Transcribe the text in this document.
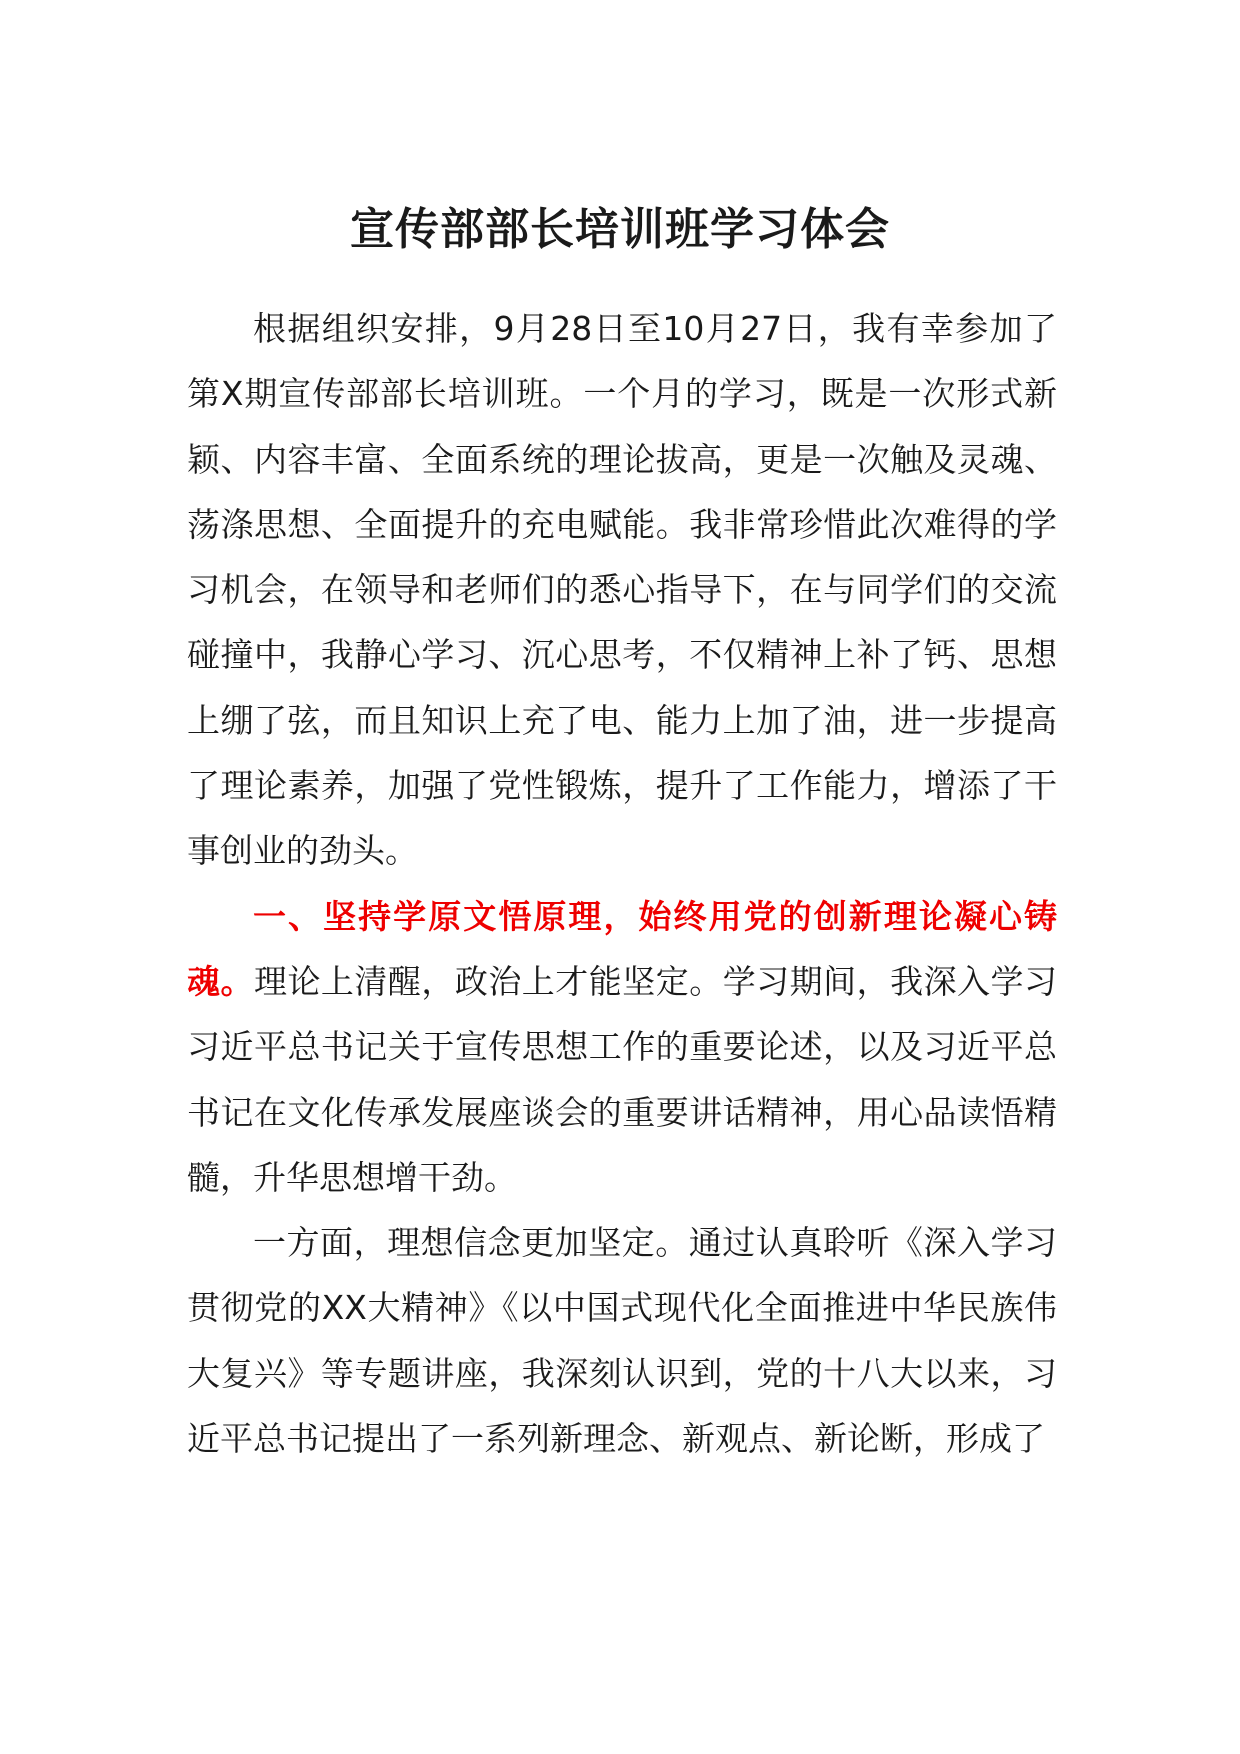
宣传部部长培训班学习体会

根据组织安排，9月28日至10月27日，我有幸参加了第X期宣传部部长培训班。一个月的学习，既是一次形式新颖、内容丰富、全面系统的理论拔高，更是一次触及灵魂、荡涤思想、全面提升的充电赋能。我非常珍惜此次难得的学习机会，在领导和老师们的悉心指导下，在与同学们的交流碰撞中，我静心学习、沉心思考，不仅精神上补了钙、思想上绷了弦，而且知识上充了电、能力上加了油，进一步提高了理论素养，加强了党性锻炼，提升了工作能力，增添了干事创业的劲头。

一、坚持学原文悟原理，始终用党的创新理论凝心铸魂。理论上清醒，政治上才能坚定。学习期间，我深入学习习近平总书记关于宣传思想工作的重要论述，以及习近平总书记在文化传承发展座谈会的重要讲话精神，用心品读悟精髓，升华思想增干劲。

一方面，理想信念更加坚定。通过认真聆听《深入学习贯彻党的XX大精神》《以中国式现代化全面推进中华民族伟大复兴》等专题讲座，我深刻认识到，党的十八大以来，习近平总书记提出了一系列新理念、新观点、新论断，形成了
